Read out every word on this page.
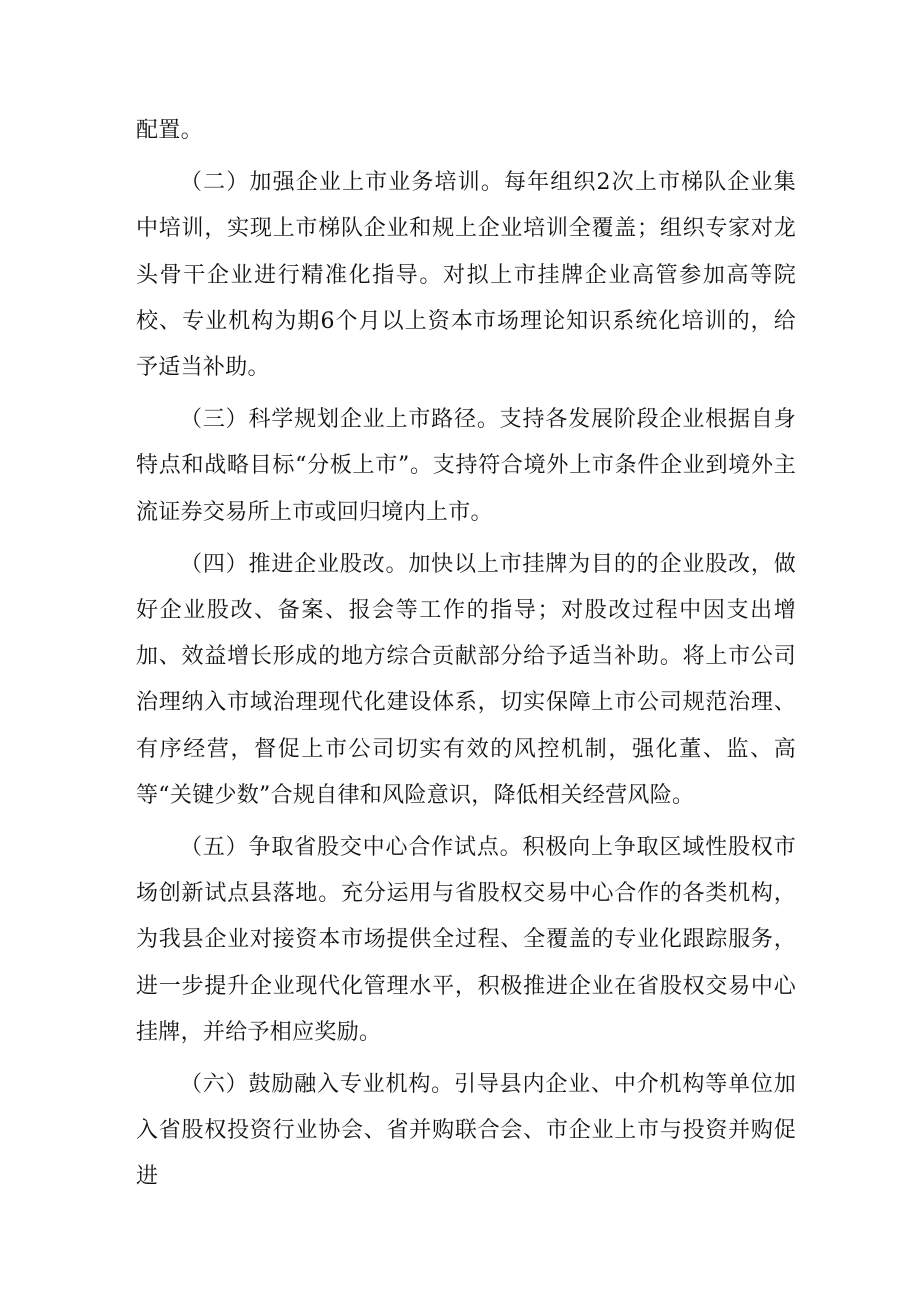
配置。

（二）加强企业上市业务培训。每年组织2次上市梯队企业集中培训，实现上市梯队企业和规上企业培训全覆盖；组织专家对龙头骨干企业进行精准化指导。对拟上市挂牌企业高管参加高等院校、专业机构为期6个月以上资本市场理论知识系统化培训的，给予适当补助。

（三）科学规划企业上市路径。支持各发展阶段企业根据自身特点和战略目标“分板上市”。支持符合境外上市条件企业到境外主流证券交易所上市或回归境内上市。

（四）推进企业股改。加快以上市挂牌为目的的企业股改，做好企业股改、备案、报会等工作的指导；对股改过程中因支出增加、效益增长形成的地方综合贡献部分给予适当补助。将上市公司治理纳入市域治理现代化建设体系，切实保障上市公司规范治理、有序经营，督促上市公司切实有效的风控机制，强化董、监、高等“关键少数”合规自律和风险意识，降低相关经营风险。

（五）争取省股交中心合作试点。积极向上争取区域性股权市场创新试点县落地。充分运用与省股权交易中心合作的各类机构，为我县企业对接资本市场提供全过程、全覆盖的专业化跟踪服务，进一步提升企业现代化管理水平，积极推进企业在省股权交易中心挂牌，并给予相应奖励。

（六）鼓励融入专业机构。引导县内企业、中介机构等单位加入省股权投资行业协会、省并购联合会、市企业上市与投资并购促进
